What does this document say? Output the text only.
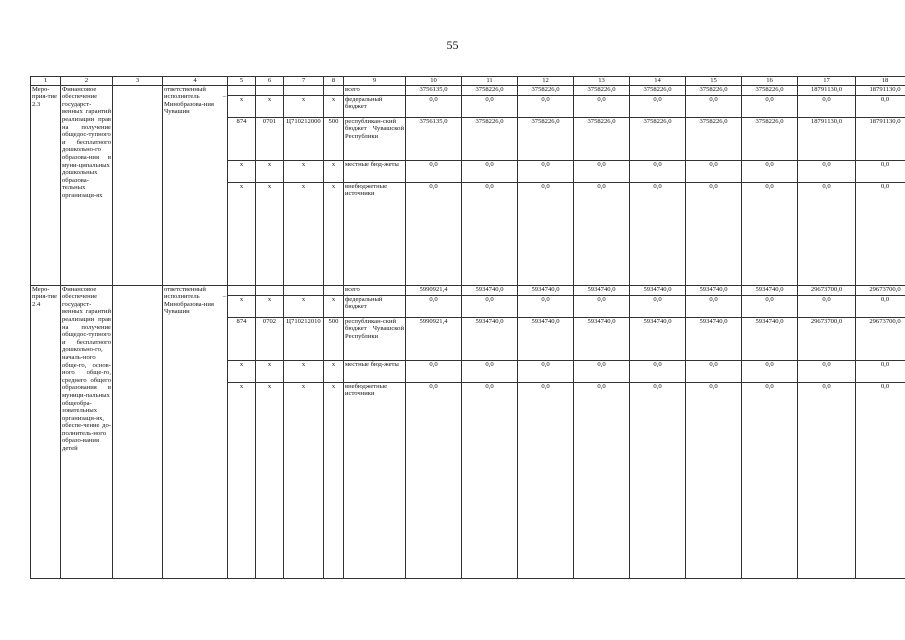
55
1	2	3	4	5	6	7	8	9	10	11	12	13	14	15	16	17	18
Меро-прия-тие 2.3	Финансовое обеспечение государст-венных гарантий реализации прав на получение общедос-тупного и бесплатного дошкольно-го образова-ния в муни-ципальных дошкольных образова-тельных организаци-ях		ответственный исполнитель – Минобразова-ния Чувашии					всего	3756135,0	3758226,0	3758226,0	3758226,0	3758226,0	3758226,0	3758226,0	18791130,0	18791130,0
				x	x	x	x	федеральный бюджет	0,0	0,0	0,0	0,0	0,0	0,0	0,0	0,0	0,0
				874	0701	Ц710212000	500	республикан-ский бюджет Чувашской Республики	3756135,0	3758226,0	3758226,0	3758226,0	3758226,0	3758226,0	3758226,0	18791130,0	18791130,0
				x	x	x	x	местные бюд-жеты	0,0	0,0	0,0	0,0	0,0	0,0	0,0	0,0	0,0
				x	x	x	x	внебюджетные источники	0,0	0,0	0,0	0,0	0,0	0,0	0,0	0,0	0,0
Меро-прия-тие 2.4	Финансовое обеспечение государст-венных гарантий реализации прав на получение общедос-тупного и бесплатного дошкольно-го, началь-ного обще-го, основ-ного обще-го, среднего общего образования в муници-пальных общеобра-зовательных организаци-ях, обеспе-чение до-полнитель-ного образо-вания детей		ответственный исполнитель – Минобразова-ния Чувашии					всего	5990921,4	5934740,0	5934740,0	5934740,0	5934740,0	5934740,0	5934740,0	29673700,0	29673700,0
				x	x	x	x	федеральный бюджет	0,0	0,0	0,0	0,0	0,0	0,0	0,0	0,0	0,0
				874	0702	Ц710212010	500	республикан-ский бюджет Чувашской Республики	5990921,4	5934740,0	5934740,0	5934740,0	5934740,0	5934740,0	5934740,0	29673700,0	29673700,0
				x	x	x	x	местные бюд-жеты	0,0	0,0	0,0	0,0	0,0	0,0	0,0	0,0	0,0
				x	x	x	x	внебюджетные источники	0,0	0,0	0,0	0,0	0,0	0,0	0,0	0,0	0,0
